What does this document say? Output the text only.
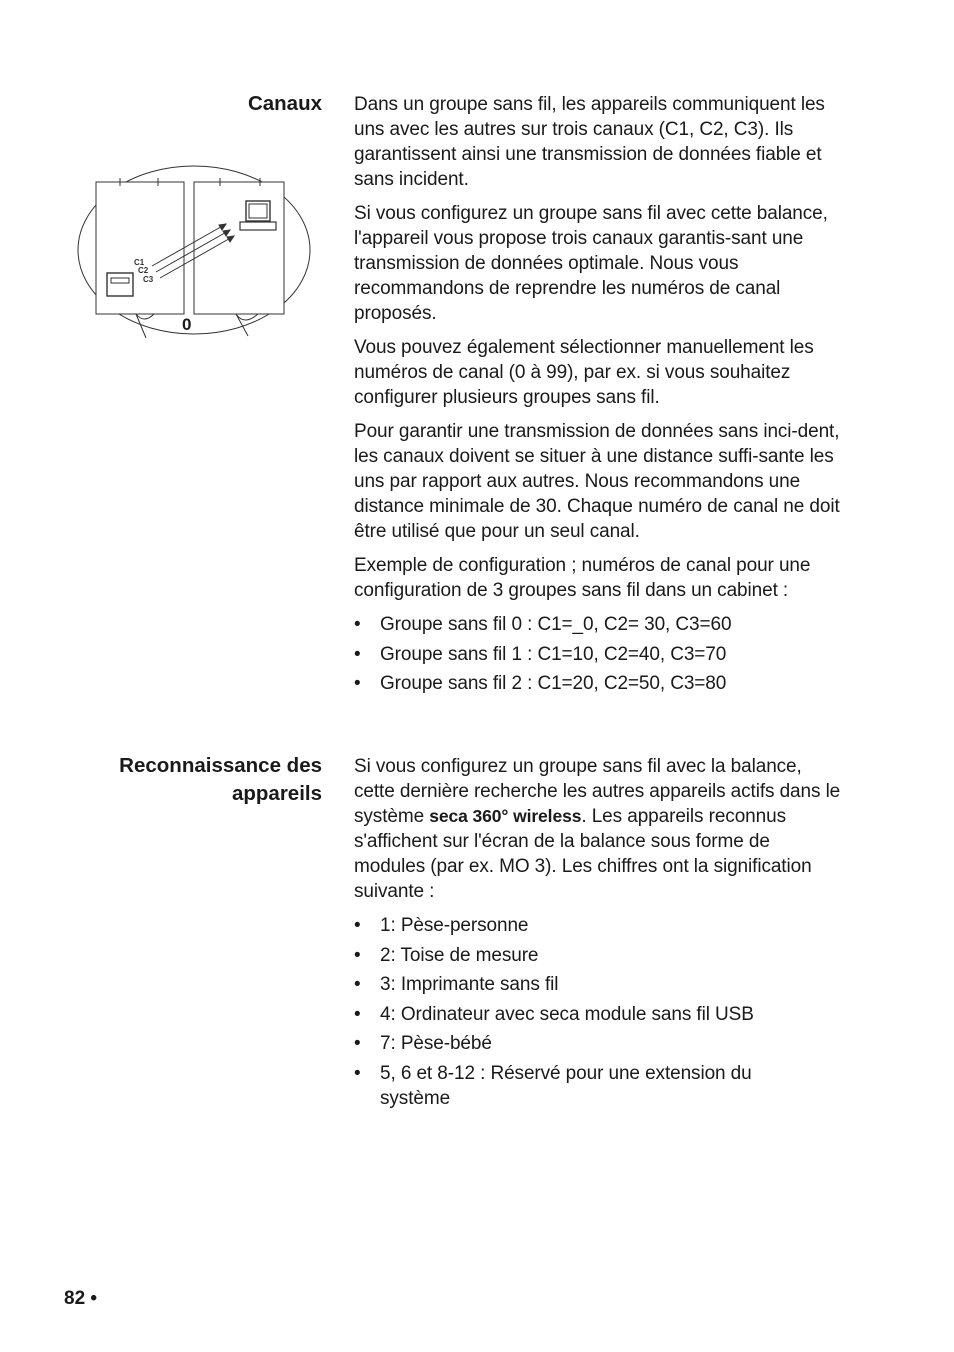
Canaux Dans un groupe sans fil, les appareils communiquent les uns avec les autres sur trois canaux (C1, C2, C3). Ils garantissent ainsi une transmission de données fiable et sans incident.

Si vous configurez un groupe sans fil avec cette balance, l'appareil vous propose trois canaux garantis-sant une transmission de données optimale. Nous vous recommandons de reprendre les numéros de canal proposés.

Vous pouvez également sélectionner manuellement les numéros de canal (0 à 99), par ex. si vous souhaitez configurer plusieurs groupes sans fil.

Pour garantir une transmission de données sans inci-dent, les canaux doivent se situer à une distance suffi-sante les uns par rapport aux autres. Nous recommandons une distance minimale de 30. Chaque numéro de canal ne doit être utilisé que pour un seul canal.

Exemple de configuration ; numéros de canal pour une configuration de 3 groupes sans fil dans un cabinet :

• Groupe sans fil 0 : C1=_0, C2= 30, C3=60
• Groupe sans fil 1 : C1=10, C2=40, C3=70
• Groupe sans fil 2 : C1=20, C2=50, C3=80
C1
C2
C3
0
Reconnaissance des
appareils

Si vous configurez un groupe sans fil avec la balance, cette dernière recherche les autres appareils actifs dans le système seca 360° wireless. Les appareils reconnus s'affichent sur l'écran de la balance sous forme de modules (par ex. MO 3). Les chiffres ont la signification suivante :

• 1: Pèse-personne
• 2: Toise de mesure
• 3: Imprimante sans fil
• 4: Ordinateur avec seca module sans fil USB
• 7: Pèse-bébé
• 5, 6 et 8-12 : Réservé pour une extension du système
82 •
